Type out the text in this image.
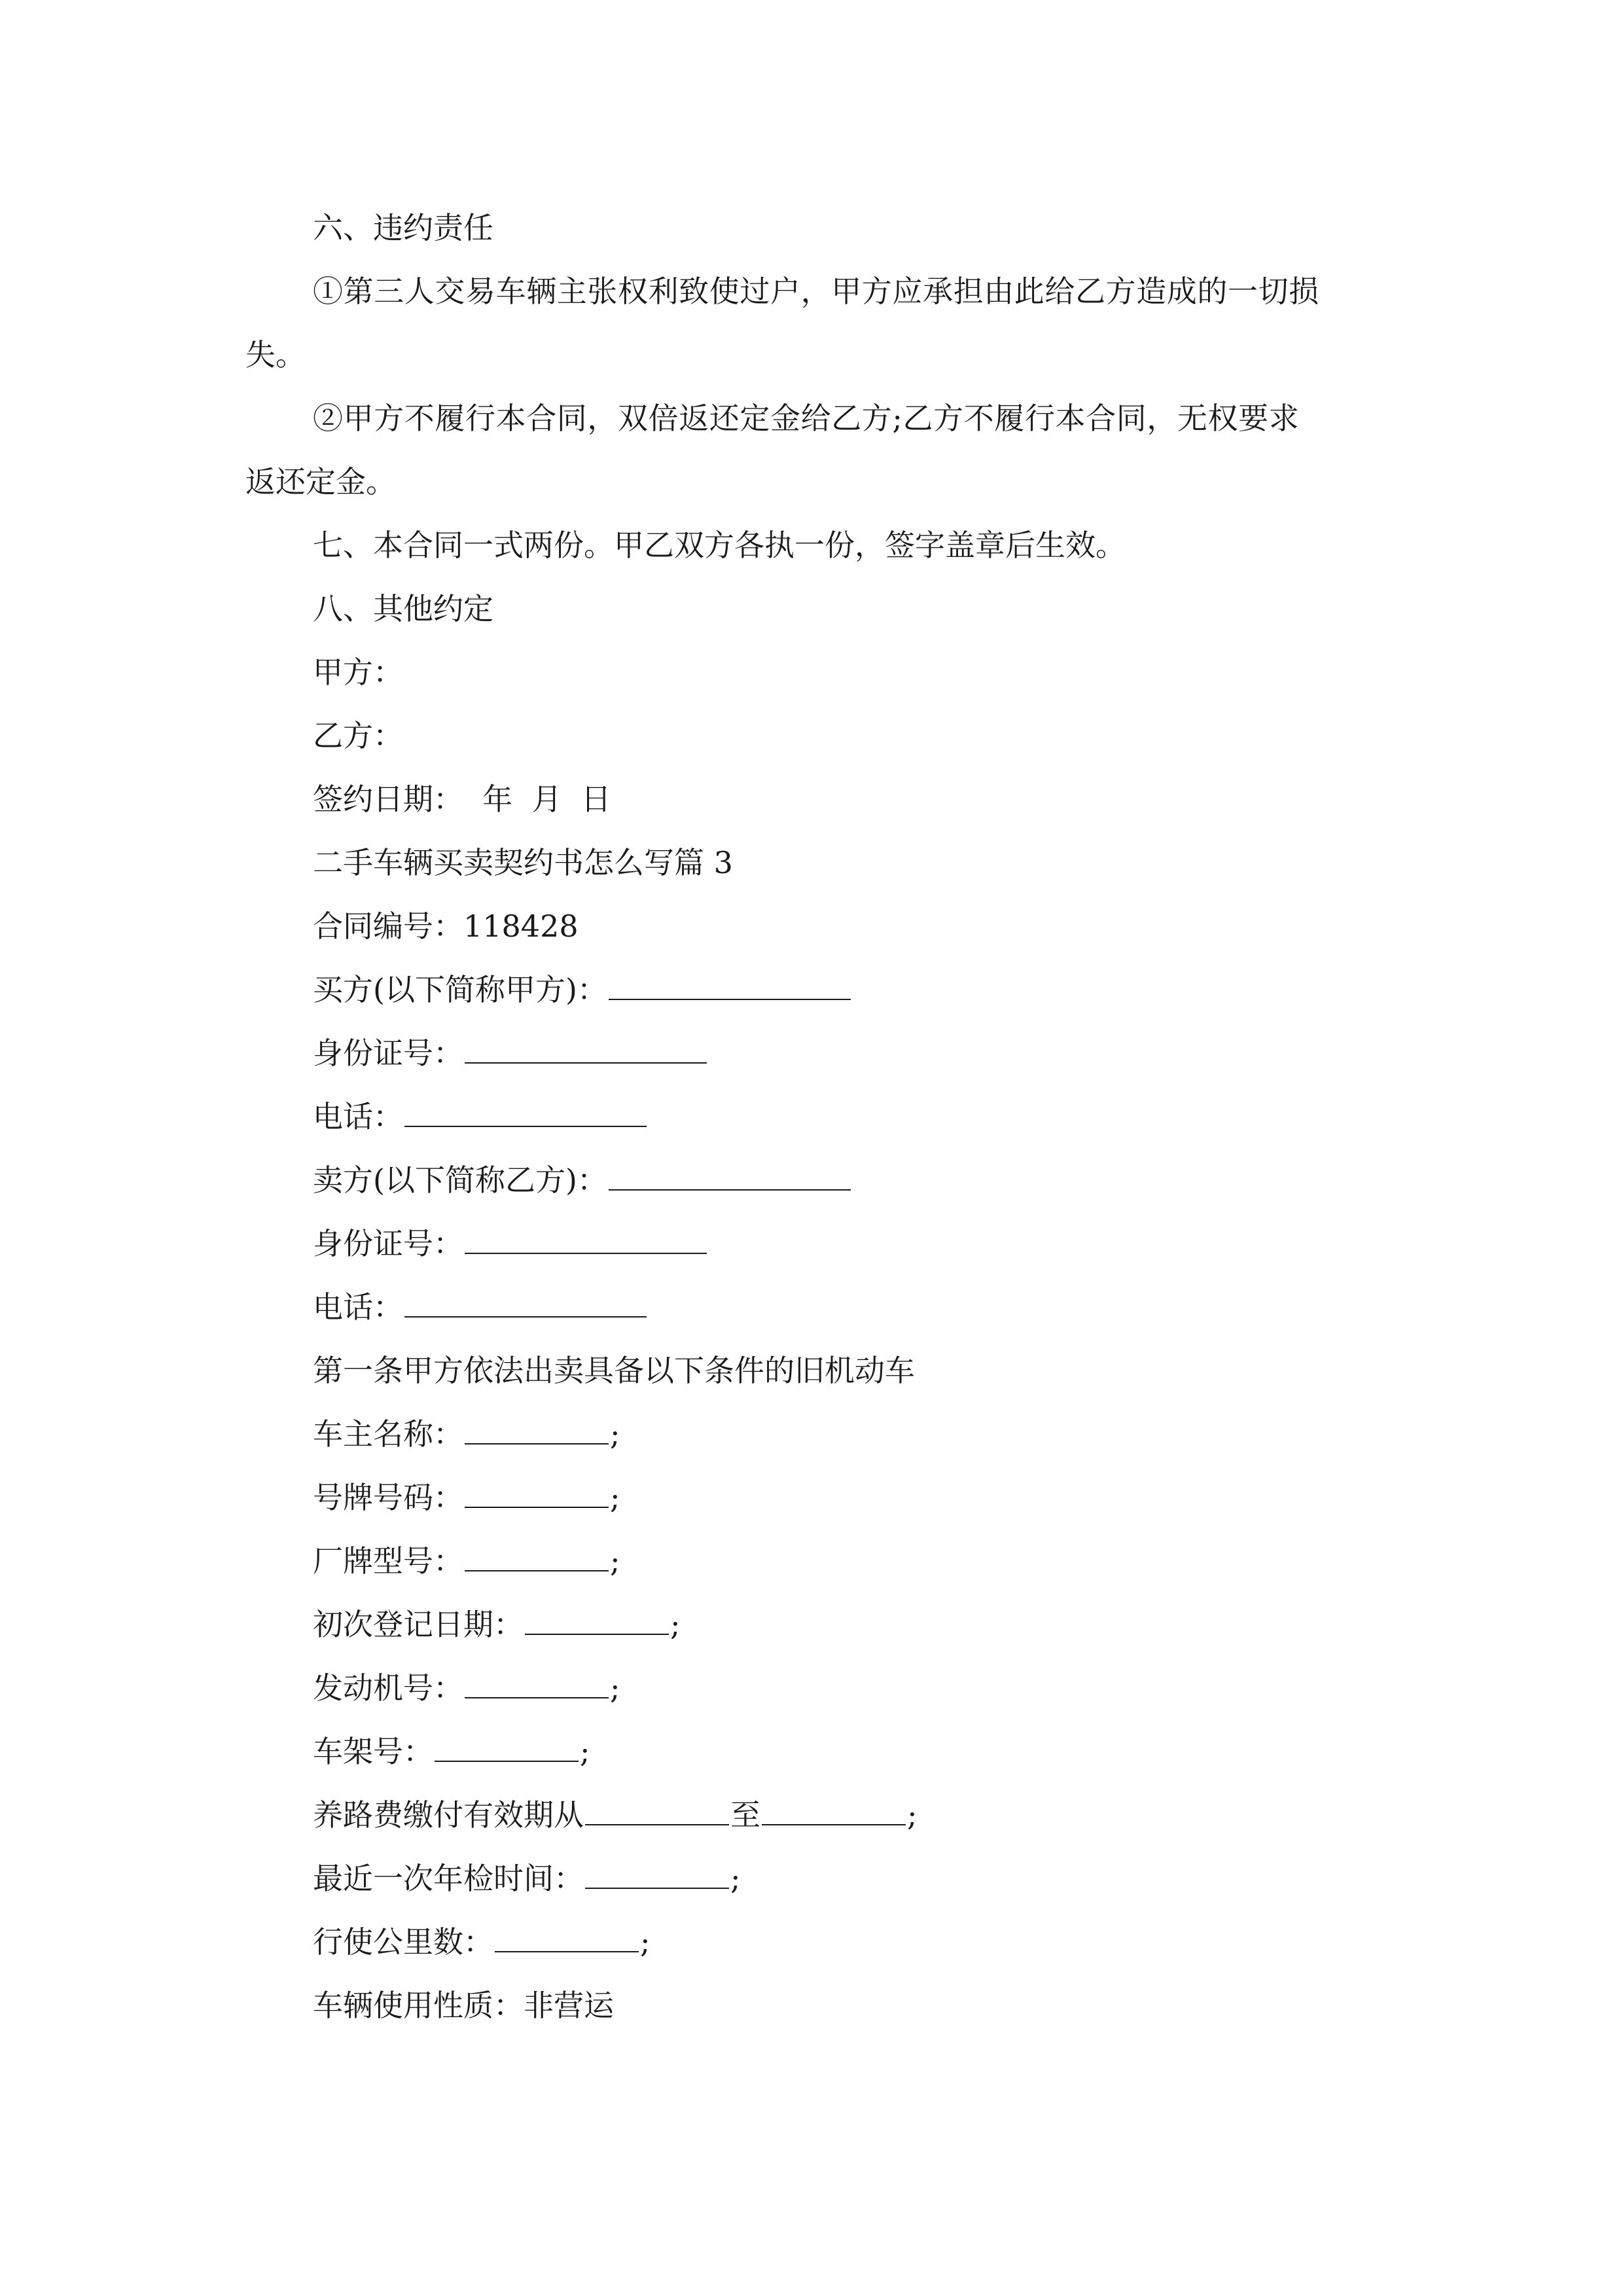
六、违约责任
①第三人交易车辆主张权利致使过户，甲方应承担由此给乙方造成的一切损
失。
②甲方不履行本合同，双倍返还定金给乙方;乙方不履行本合同，无权要求
返还定金。
七、本合同一式两份。甲乙双方各执一份，签字盖章后生效。
八、其他约定
甲方：
乙方：
签约日期：  年  月  日
二手车辆买卖契约书怎么写篇 3
合同编号：118428
买方(以下简称甲方)：
身份证号：
电话：
卖方(以下简称乙方)：
身份证号：
电话：
第一条甲方依法出卖具备以下条件的旧机动车
车主名称：	;
号牌号码：	;
厂牌型号：	;
初次登记日期：	;
发动机号：	;
车架号：	;
养路费缴付有效期从	至	;
最近一次年检时间：	;
行使公里数：	;
车辆使用性质：非营运
